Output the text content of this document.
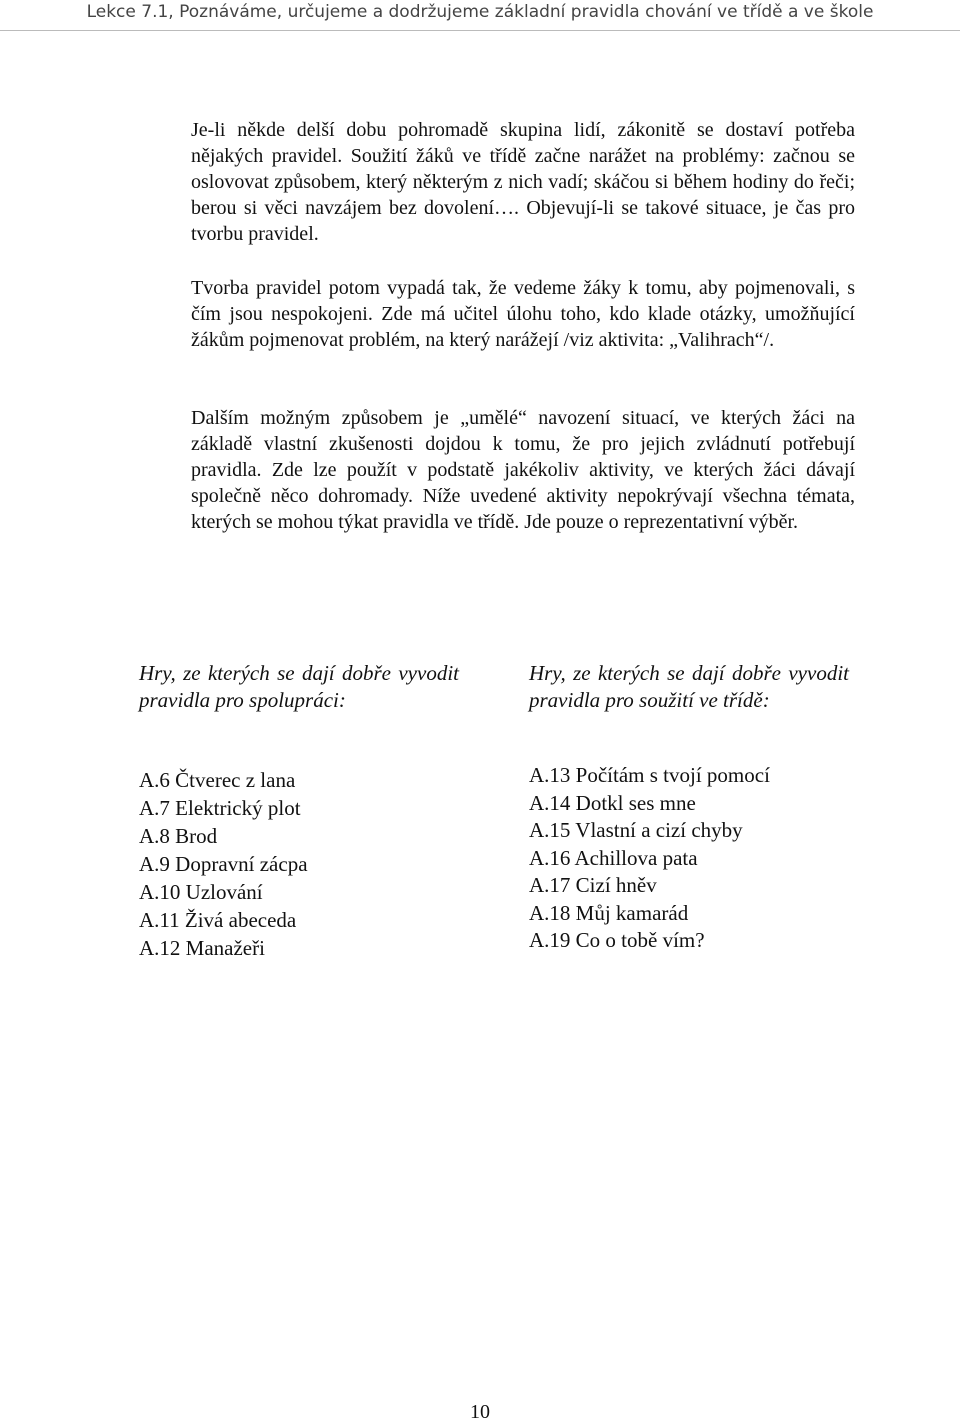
Lekce 7.1, Poznáváme, určujeme a dodržujeme základní pravidla chování ve třídě a ve škole

Je-li někde delší dobu pohromadě skupina lidí, zákonitě se dostaví potřeba nějakých pravidel. Soužití žáků ve třídě začne narážet na problémy: začnou se oslovovat způsobem, který některým z nich vadí; skáčou si během hodiny do řeči; berou si věci navzájem bez dovolení…. Objevují-li se takové situace, je čas pro tvorbu pravidel.

Tvorba pravidel potom vypadá tak, že vedeme žáky k tomu, aby pojmenovali, s čím jsou nespokojeni. Zde má učitel úlohu toho, kdo klade otázky, umožňující žákům pojmenovat problém, na který narážejí /viz aktivita: „Valihrach“/.

Dalším možným způsobem je „umělé“ navození situací, ve kterých žáci na základě vlastní zkušenosti dojdou k tomu, že pro jejich zvládnutí potřebují pravidla. Zde lze použít v podstatě jakékoliv aktivity, ve kterých žáci dávají společně něco dohromady. Níže uvedené aktivity nepokrývají všechna témata, kterých se mohou týkat pravidla ve třídě. Jde pouze o reprezentativní výběr.

Hry, ze kterých se dají dobře vyvodit pravidla pro spolupráci:

A.6 Čtverec z lana
A.7 Elektrický plot
A.8 Brod
A.9 Dopravní zácpa
A.10 Uzlování
A.11 Živá abeceda
A.12 Manažeři

Hry, ze kterých se dají dobře vyvodit pravidla pro soužití ve třídě:

A.13 Počítám s tvojí pomocí
A.14 Dotkl ses mne
A.15 Vlastní a cizí chyby
A.16 Achillova pata
A.17 Cizí hněv
A.18 Můj kamarád
A.19 Co o tobě vím?
10
